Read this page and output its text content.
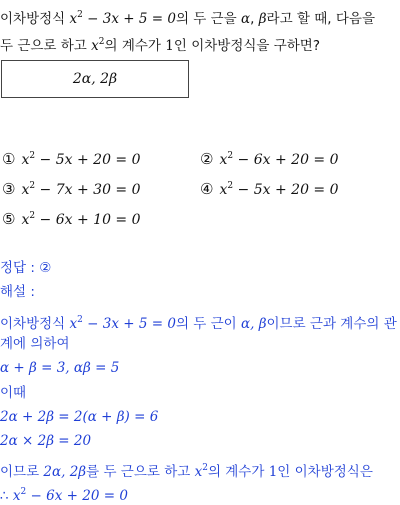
이차방정식 $x^2 - 3x + 5 = 0$의 두 근을 α, β라고 할 때, 다음을
두 근으로 하고 $x^2$의 계수가 1인 이차방정식을 구하면?
2α, 2β
① $x^2 - 5x + 20 = 0$	② $x^2 - 6x + 20 = 0$
③ $x^2 - 7x + 30 = 0$	④ $x^2 - 5x + 20 = 0$
⑤ $x^2 - 6x + 10 = 0$
정답 : ②
해설 :
이차방정식 $x^2 - 3x + 5 = 0$의 두 근이 α, β이므로 근과 계수의 관
계에 의하여
α + β = 3, αβ = 5
이때
2α + 2β = 2(α + β) = 6
2α × 2β = 20
이므로 2α, 2β를 두 근으로 하고 $x^2$의 계수가 1인 이차방정식은
∴ $x^2 - 6x + 20 = 0$
